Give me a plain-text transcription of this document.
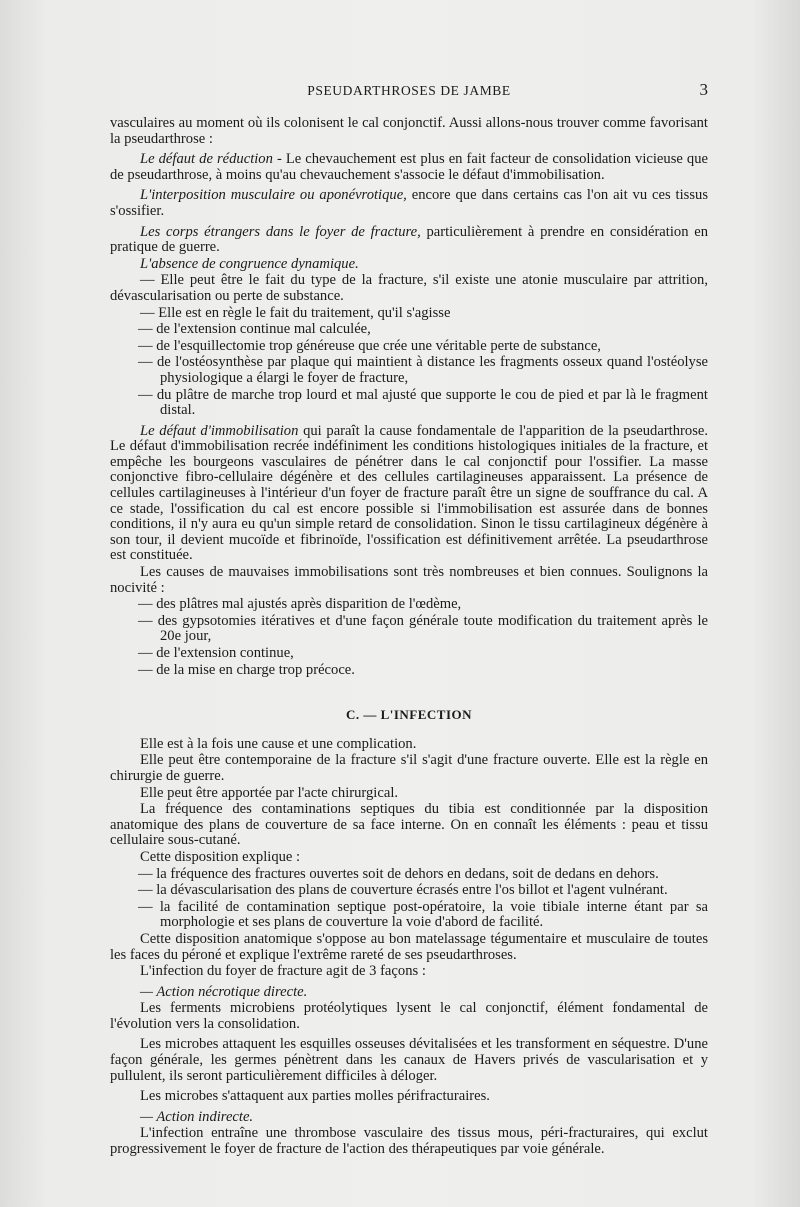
PSEUDARTHROSES DE JAMBE	3

vasculaires au moment où ils colonisent le cal conjonctif. Aussi allons-nous trouver comme favorisant la pseudarthrose :

Le défaut de réduction - Le chevauchement est plus en fait facteur de consolidation vicieuse que de pseudarthrose, à moins qu'au chevauchement s'associe le défaut d'immobilisation.

L'interposition musculaire ou aponévrotique, encore que dans certains cas l'on ait vu ces tissus s'ossifier.

Les corps étrangers dans le foyer de fracture, particulièrement à prendre en considération en pratique de guerre.

L'absence de congruence dynamique.

— Elle peut être le fait du type de la fracture, s'il existe une atonie musculaire par attrition, dévascularisation ou perte de substance.

— Elle est en règle le fait du traitement, qu'il s'agisse

— de l'extension continue mal calculée,

— de l'esquillectomie trop généreuse que crée une véritable perte de substance,

— de l'ostéosynthèse par plaque qui maintient à distance les fragments osseux quand l'ostéolyse physiologique a élargi le foyer de fracture,

— du plâtre de marche trop lourd et mal ajusté que supporte le cou de pied et par là le fragment distal.

Le défaut d'immobilisation qui paraît la cause fondamentale de l'apparition de la pseudarthrose. Le défaut d'immobilisation recrée indéfiniment les conditions histologiques initiales de la fracture, et empêche les bourgeons vasculaires de pénétrer dans le cal conjonctif pour l'ossifier. La masse conjonctive fibro-cellulaire dégénère et des cellules cartilagineuses apparaissent. La présence de cellules cartilagineuses à l'intérieur d'un foyer de fracture paraît être un signe de souffrance du cal. A ce stade, l'ossification du cal est encore possible si l'immobilisation est assurée dans de bonnes conditions, il n'y aura eu qu'un simple retard de consolidation. Sinon le tissu cartilagineux dégénère à son tour, il devient mucoïde et fibrinoïde, l'ossification est définitivement arrêtée. La pseudarthrose est constituée.

Les causes de mauvaises immobilisations sont très nombreuses et bien connues. Soulignons la nocivité :

— des plâtres mal ajustés après disparition de l'œdème,

— des gypsotomies itératives et d'une façon générale toute modification du traitement après le 20e jour,

— de l'extension continue,

— de la mise en charge trop précoce.

C. — L'INFECTION

Elle est à la fois une cause et une complication.

Elle peut être contemporaine de la fracture s'il s'agit d'une fracture ouverte. Elle est la règle en chirurgie de guerre.

Elle peut être apportée par l'acte chirurgical.

La fréquence des contaminations septiques du tibia est conditionnée par la disposition anatomique des plans de couverture de sa face interne. On en connaît les éléments : peau et tissu cellulaire sous-cutané.

Cette disposition explique :

— la fréquence des fractures ouvertes soit de dehors en dedans, soit de dedans en dehors.

— la dévascularisation des plans de couverture écrasés entre l'os billot et l'agent vulnérant.

— la facilité de contamination septique post-opératoire, la voie tibiale interne étant par sa morphologie et ses plans de couverture la voie d'abord de facilité.

Cette disposition anatomique s'oppose au bon matelassage tégumentaire et musculaire de toutes les faces du péroné et explique l'extrême rareté de ses pseudarthroses.

L'infection du foyer de fracture agit de 3 façons :

— Action nécrotique directe.

Les ferments microbiens protéolytiques lysent le cal conjonctif, élément fondamental de l'évolution vers la consolidation.

Les microbes attaquent les esquilles osseuses dévitalisées et les transforment en séquestre. D'une façon générale, les germes pénètrent dans les canaux de Havers privés de vascularisation et y pullulent, ils seront particulièrement difficiles à déloger.

Les microbes s'attaquent aux parties molles périfracturaires.

— Action indirecte.

L'infection entraîne une thrombose vasculaire des tissus mous, péri-fracturaires, qui exclut progressivement le foyer de fracture de l'action des thérapeutiques par voie générale.
